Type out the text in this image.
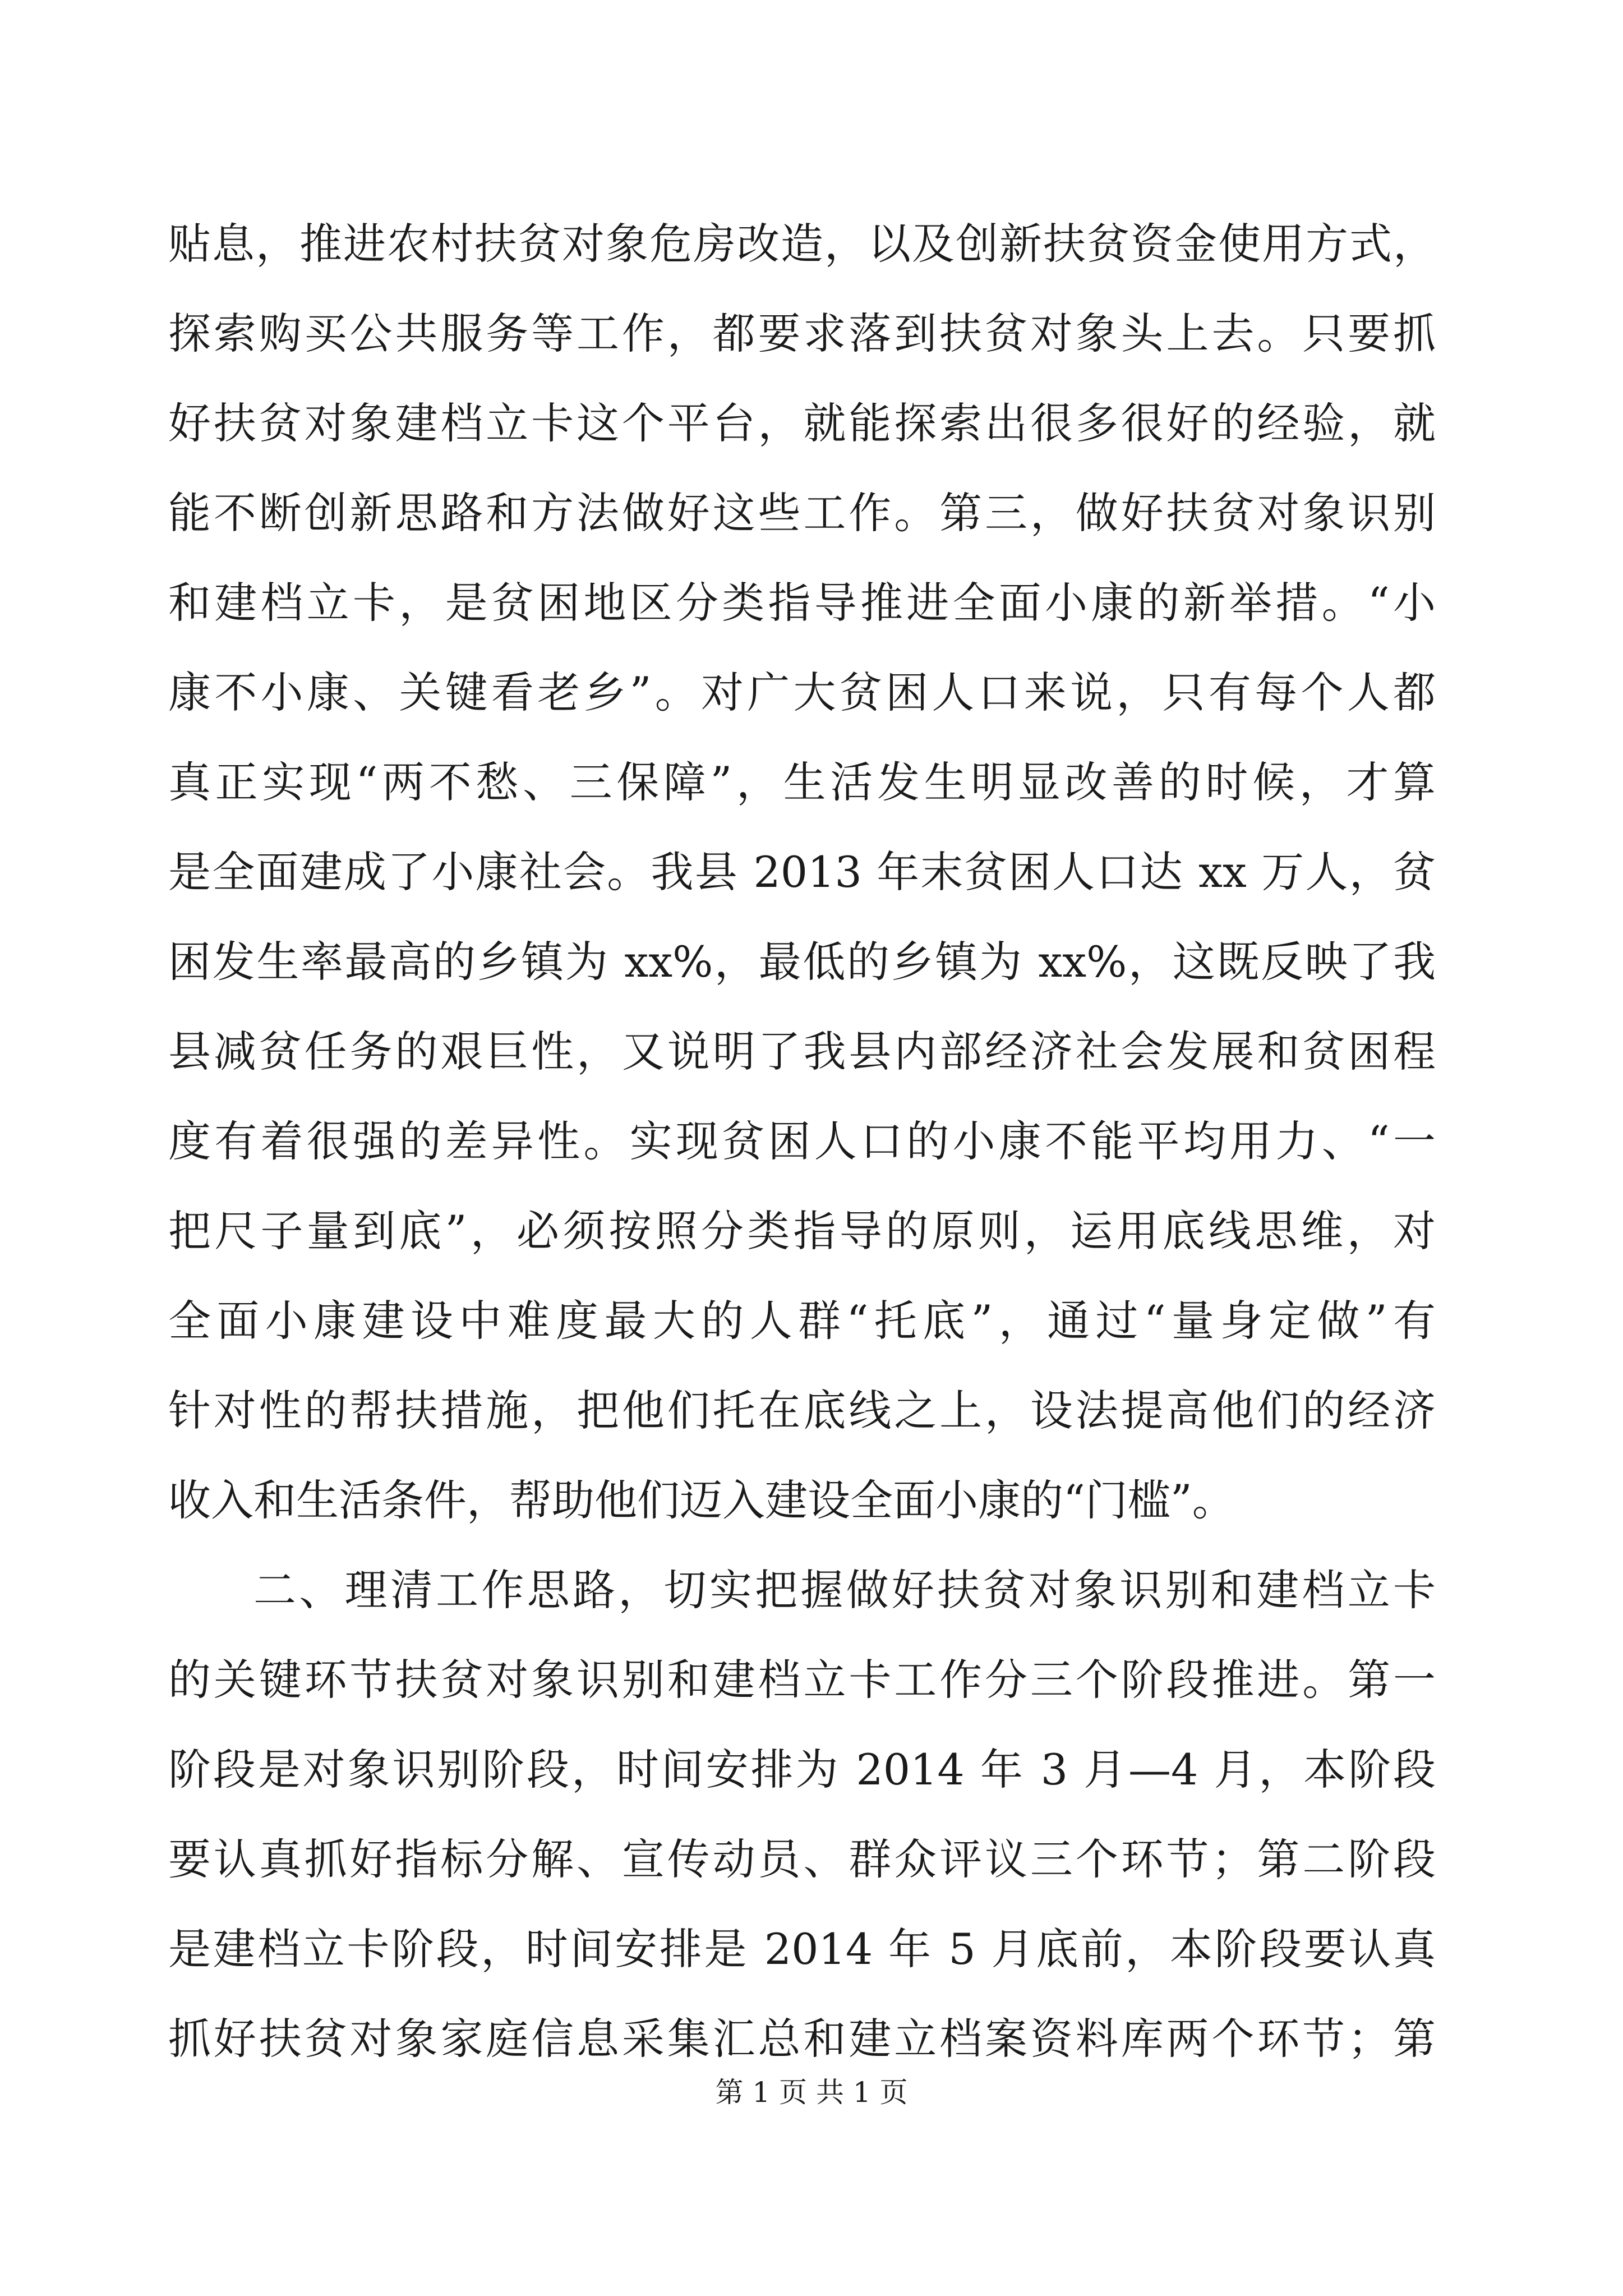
贴息，推进农村扶贫对象危房改造，以及创新扶贫资金使用方式，
探索购买公共服务等工作，都要求落到扶贫对象头上去。只要抓
好扶贫对象建档立卡这个平台，就能探索出很多很好的经验，就
能不断创新思路和方法做好这些工作。第三，做好扶贫对象识别
和建档立卡，是贫困地区分类指导推进全面小康的新举措。“小
康不小康、关键看老乡”。对广大贫困人口来说，只有每个人都
真正实现“两不愁、三保障”，生活发生明显改善的时候，才算
是全面建成了小康社会。我县 2013 年末贫困人口达 xx 万人，贫
困发生率最高的乡镇为 xx%，最低的乡镇为 xx%，这既反映了我
县减贫任务的艰巨性，又说明了我县内部经济社会发展和贫困程
度有着很强的差异性。实现贫困人口的小康不能平均用力、“一
把尺子量到底”，必须按照分类指导的原则，运用底线思维，对
全面小康建设中难度最大的人群“托底”，通过“量身定做”有
针对性的帮扶措施，把他们托在底线之上，设法提高他们的经济
收入和生活条件，帮助他们迈入建设全面小康的“门槛”。
二、理清工作思路，切实把握做好扶贫对象识别和建档立卡
的关键环节扶贫对象识别和建档立卡工作分三个阶段推进。第一
阶段是对象识别阶段，时间安排为 2014 年 3 月—4 月，本阶段
要认真抓好指标分解、宣传动员、群众评议三个环节；第二阶段
是建档立卡阶段，时间安排是 2014 年 5 月底前，本阶段要认真
抓好扶贫对象家庭信息采集汇总和建立档案资料库两个环节；第
第 1 页 共 1 页
